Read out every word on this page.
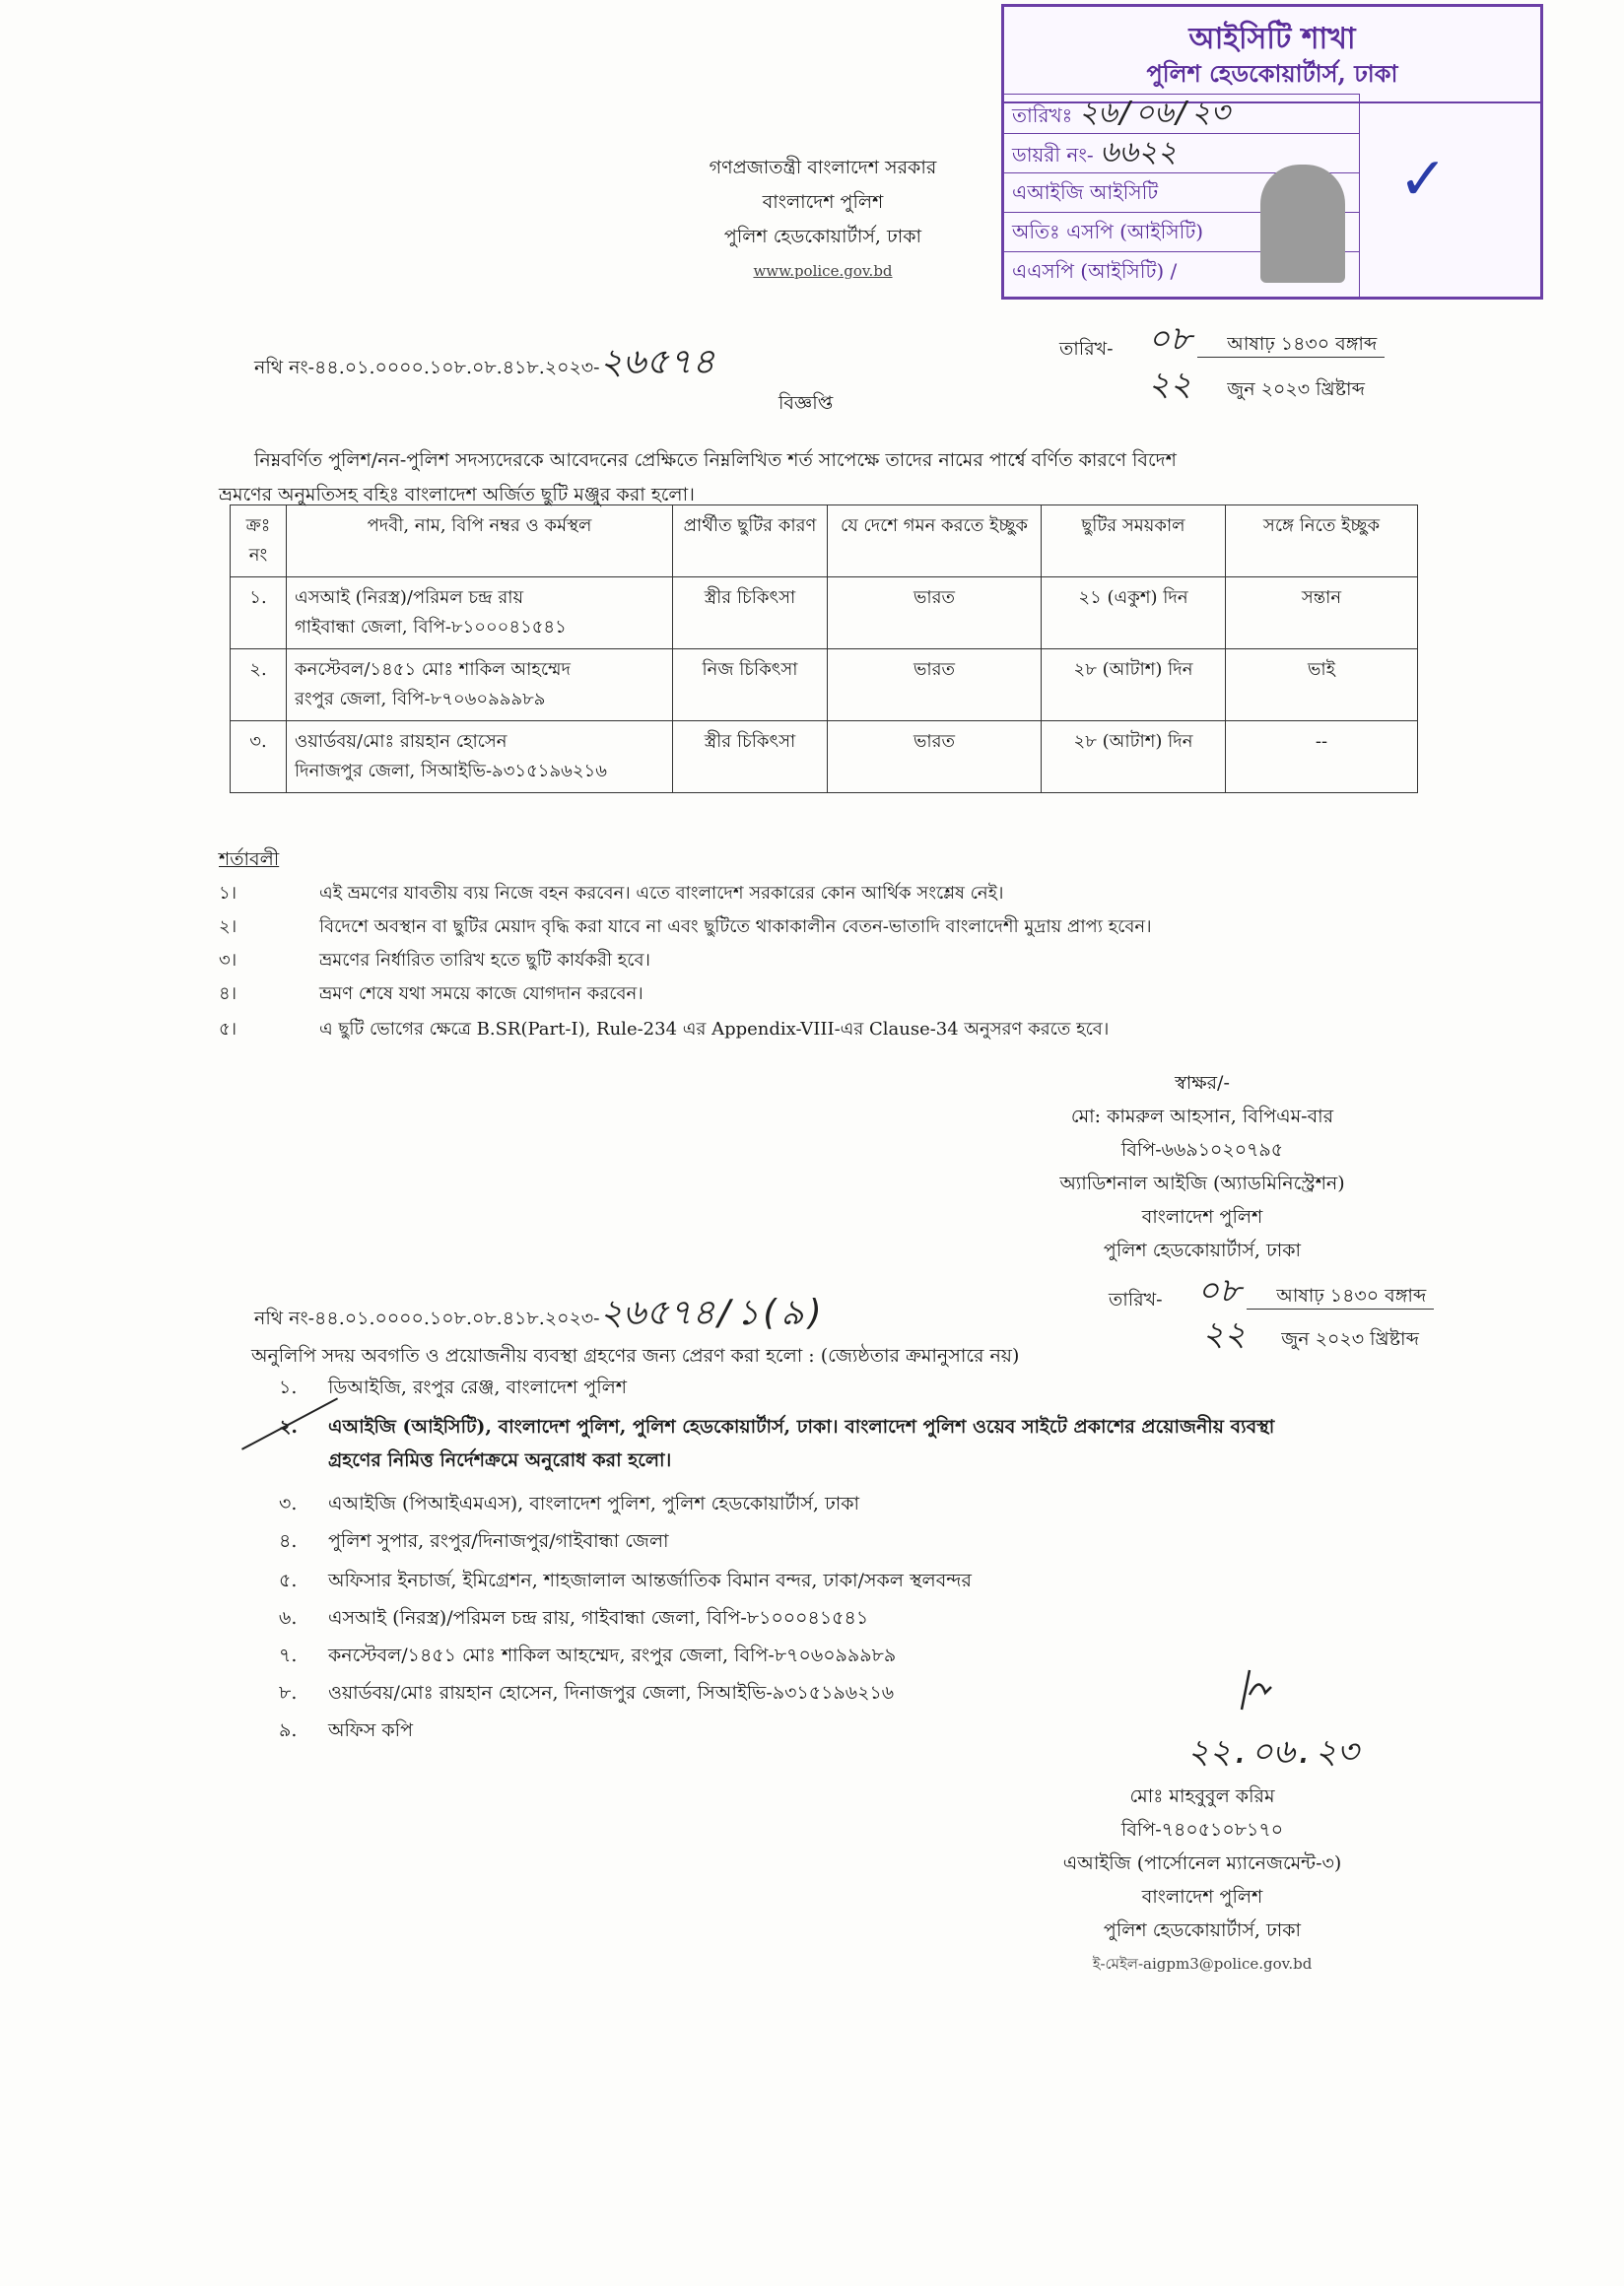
আইসিটি শাখা
পুলিশ হেডকোয়ার্টার্স, ঢাকা
তারিখঃ ২৬/০৬/২৩
ডায়রী নং- ৬৬২২
এআইজি আইসিটি
অতিঃ এসপি (আইসিটি)
এএসপি (আইসিটি) /
✓
গণপ্রজাতন্ত্রী বাংলাদেশ সরকার
বাংলাদেশ পুলিশ
পুলিশ হেডকোয়ার্টার্স, ঢাকা
www.police.gov.bd
নথি নং-৪৪.০১.০০০০.১০৮.০৮.৪১৮.২০২৩-২৬৫৭৪	তারিখ- ০৮ আষাঢ় ১৪৩০ বঙ্গাব্দ
২২ জুন ২০২৩ খ্রিষ্টাব্দ
বিজ্ঞপ্তি
নিম্নবর্ণিত পুলিশ/নন-পুলিশ সদস্যদেরকে আবেদনের প্রেক্ষিতে নিম্নলিখিত শর্ত সাপেক্ষে তাদের নামের পার্শ্বে বর্ণিত কারণে বিদেশ
ভ্রমণের অনুমতিসহ বহিঃ বাংলাদেশ অর্জিত ছুটি মঞ্জুর করা হলো।
ক্রঃ নং	পদবী, নাম, বিপি নম্বর ও কর্মস্থল	প্রার্থীত ছুটির কারণ	যে দেশে গমন করতে ইচ্ছুক	ছুটির সময়কাল	সঙ্গে নিতে ইচ্ছুক
১.	এসআই (নিরস্ত্র)/পরিমল চন্দ্র রায়
গাইবান্ধা জেলা, বিপি-৮১০০০৪১৫৪১	স্ত্রীর চিকিৎসা	ভারত	২১ (একুশ) দিন	সন্তান
২.	কনস্টেবল/১৪৫১ মোঃ শাকিল আহম্মেদ
রংপুর জেলা, বিপি-৮৭০৬০৯৯৯৮৯	নিজ চিকিৎসা	ভারত	২৮ (আটাশ) দিন	ভাই
৩.	ওয়ার্ডবয়/মোঃ রায়হান হোসেন
দিনাজপুর জেলা, সিআইভি-৯৩১৫১৯৬২১৬	স্ত্রীর চিকিৎসা	ভারত	২৮ (আটাশ) দিন	--
শর্তাবলী
১।	এই ভ্রমণের যাবতীয় ব্যয় নিজে বহন করবেন। এতে বাংলাদেশ সরকারের কোন আর্থিক সংশ্লেষ নেই।
২।	বিদেশে অবস্থান বা ছুটির মেয়াদ বৃদ্ধি করা যাবে না এবং ছুটিতে থাকাকালীন বেতন-ভাতাদি বাংলাদেশী মুদ্রায় প্রাপ্য হবেন।
৩।	ভ্রমণের নির্ধারিত তারিখ হতে ছুটি কার্যকরী হবে।
৪।	ভ্রমণ শেষে যথা সময়ে কাজে যোগদান করবেন।
৫।	এ ছুটি ভোগের ক্ষেত্রে B.SR(Part-I), Rule-234 এর Appendix-VIII-এর Clause-34 অনুসরণ করতে হবে।
স্বাক্ষর/-
মো: কামরুল আহসান, বিপিএম-বার
বিপি-৬৬৯১০২০৭৯৫
অ্যাডিশনাল আইজি (অ্যাডমিনিস্ট্রেশন)
বাংলাদেশ পুলিশ
পুলিশ হেডকোয়ার্টার্স, ঢাকা
নথি নং-৪৪.০১.০০০০.১০৮.০৮.৪১৮.২০২৩-২৬৫৭৪/১(৯)	তারিখ- ০৮ আষাঢ় ১৪৩০ বঙ্গাব্দ
২২ জুন ২০২৩ খ্রিষ্টাব্দ
অনুলিপি সদয় অবগতি ও প্রয়োজনীয় ব্যবস্থা গ্রহণের জন্য প্রেরণ করা হলো : (জ্যেষ্ঠতার ক্রমানুসারে নয়)
১. ডিআইজি, রংপুর রেঞ্জ, বাংলাদেশ পুলিশ
২. এআইজি (আইসিটি), বাংলাদেশ পুলিশ, পুলিশ হেডকোয়ার্টার্স, ঢাকা। বাংলাদেশ পুলিশ ওয়েব সাইটে প্রকাশের প্রয়োজনীয় ব্যবস্থা
গ্রহণের নিমিত্ত নির্দেশক্রমে অনুরোধ করা হলো।
৩. এআইজি (পিআইএমএস), বাংলাদেশ পুলিশ, পুলিশ হেডকোয়ার্টার্স, ঢাকা
৪. পুলিশ সুপার, রংপুর/দিনাজপুর/গাইবান্ধা জেলা
৫. অফিসার ইনচার্জ, ইমিগ্রেশন, শাহজালাল আন্তর্জাতিক বিমান বন্দর, ঢাকা/সকল স্থলবন্দর
৬. এসআই (নিরস্ত্র)/পরিমল চন্দ্র রায়, গাইবান্ধা জেলা, বিপি-৮১০০০৪১৫৪১
৭. কনস্টেবল/১৪৫১ মোঃ শাকিল আহম্মেদ, রংপুর জেলা, বিপি-৮৭০৬০৯৯৯৮৯
৮. ওয়ার্ডবয়/মোঃ রায়হান হোসেন, দিনাজপুর জেলা, সিআইভি-৯৩১৫১৯৬২১৬
৯. অফিস কপি
২২.০৬.২৩
মোঃ মাহবুবুল করিম
বিপি-৭৪০৫১০৮১৭০
এআইজি (পার্সোনেল ম্যানেজমেন্ট-৩)
বাংলাদেশ পুলিশ
পুলিশ হেডকোয়ার্টার্স, ঢাকা
ই-মেইল-aigpm3@police.gov.bd
